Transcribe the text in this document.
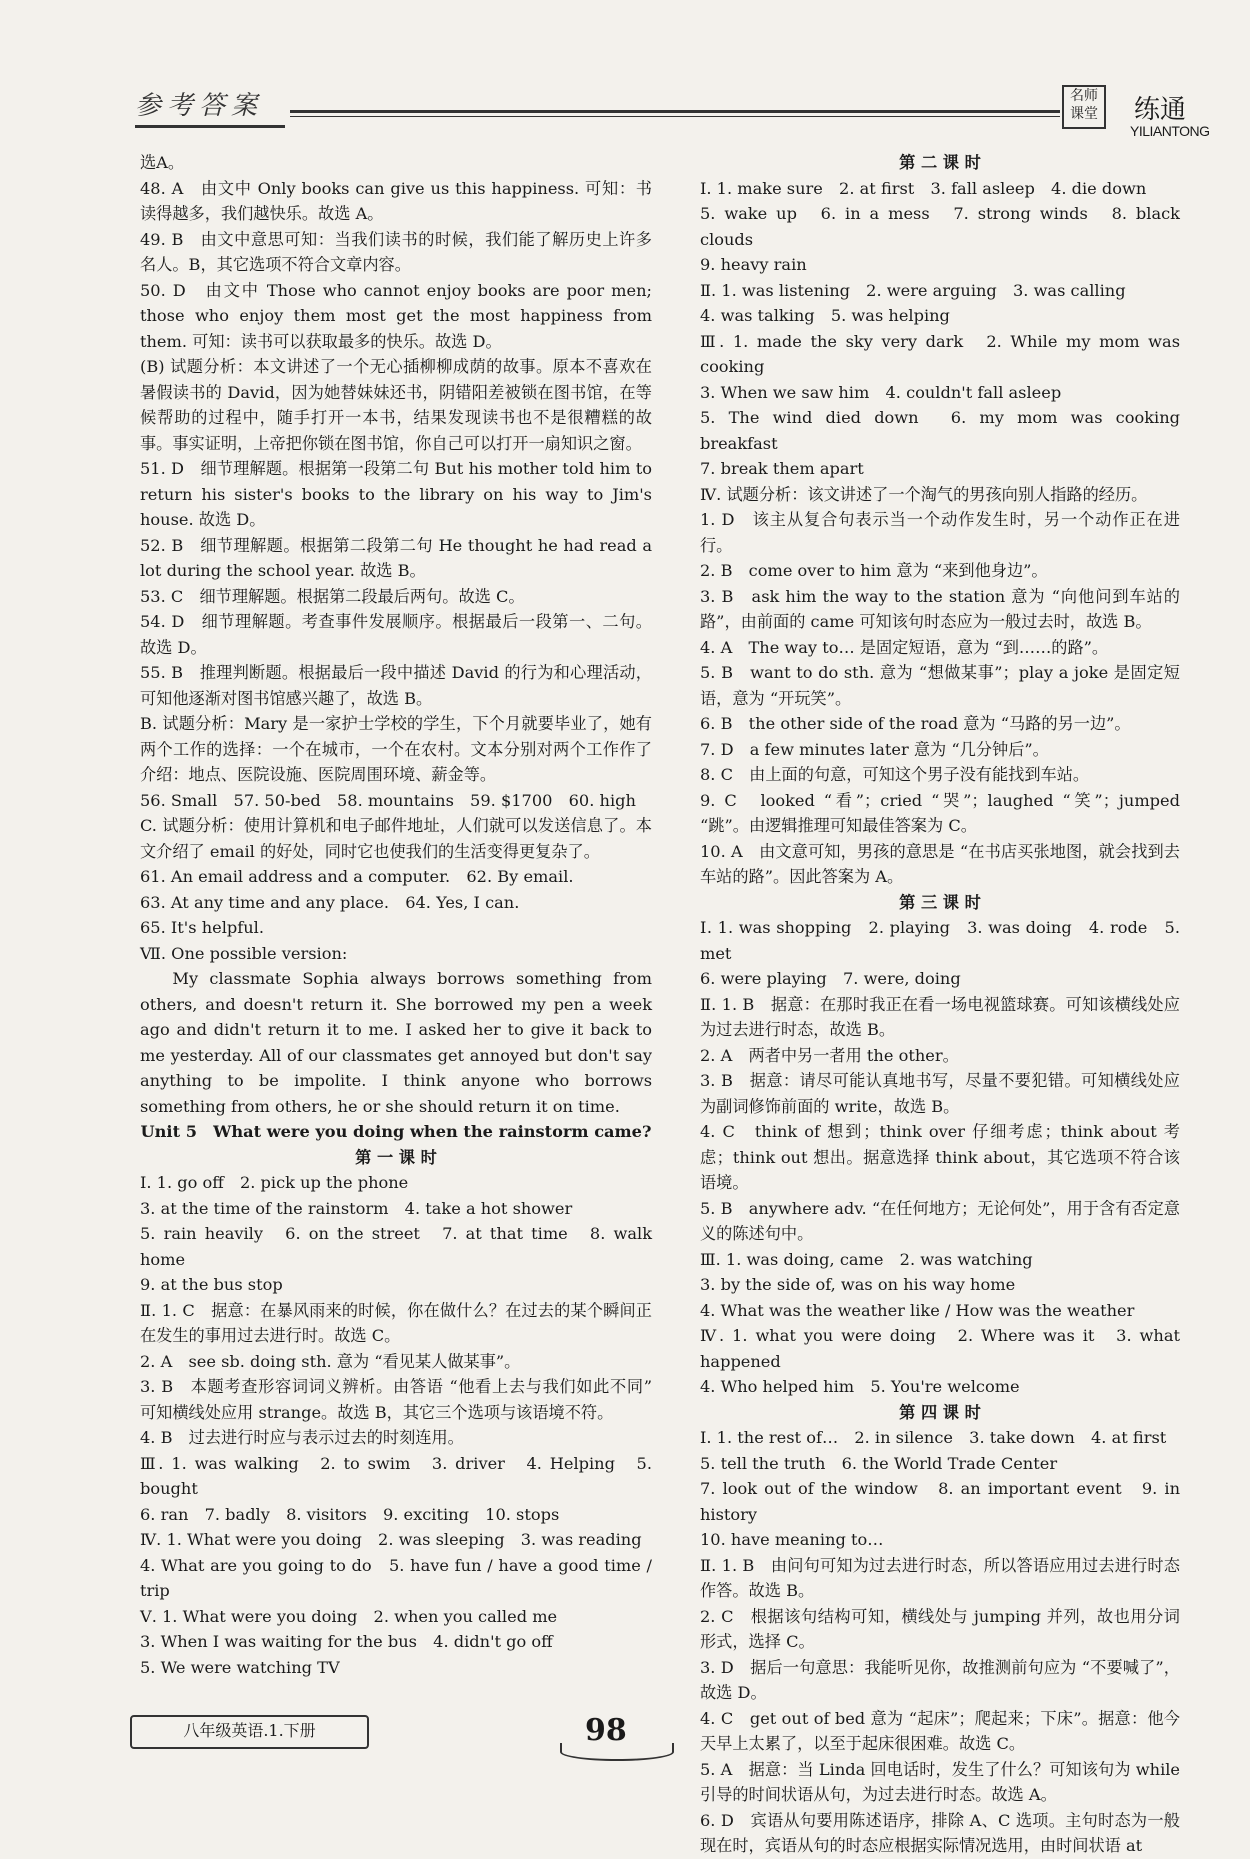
参考答案	名师课堂	练通
YILIANTONG

选A。

48. A　由文中 Only books can give us this happiness. 可知：书读得越多，我们越快乐。故选 A。

49. B　由文中意思可知：当我们读书的时候，我们能了解历史上许多名人。B，其它选项不符合文章内容。

50. D　由文中 Those who cannot enjoy books are poor men; those who enjoy them most get the most happiness from them. 可知：读书可以获取最多的快乐。故选 D。

(B) 试题分析：本文讲述了一个无心插柳柳成荫的故事。原本不喜欢在暑假读书的 David，因为她替妹妹还书，阴错阳差被锁在图书馆，在等候帮助的过程中，随手打开一本书，结果发现读书也不是很糟糕的故事。事实证明，上帝把你锁在图书馆，你自己可以打开一扇知识之窗。

51. D　细节理解题。根据第一段第二句 But his mother told him to return his sister's books to the library on his way to Jim's house. 故选 D。

52. B　细节理解题。根据第二段第二句 He thought he had read a lot during the school year. 故选 B。

53. C　细节理解题。根据第二段最后两句。故选 C。

54. D　细节理解题。考查事件发展顺序。根据最后一段第一、二句。故选 D。

55. B　推理判断题。根据最后一段中描述 David 的行为和心理活动，可知他逐渐对图书馆感兴趣了，故选 B。

B. 试题分析：Mary 是一家护士学校的学生，下个月就要毕业了，她有两个工作的选择：一个在城市，一个在农村。文本分别对两个工作作了介绍：地点、医院设施、医院周围环境、薪金等。

56. Small　57. 50-bed　58. mountains　59. $1700　60. high

C. 试题分析：使用计算机和电子邮件地址，人们就可以发送信息了。本文介绍了 email 的好处，同时它也使我们的生活变得更复杂了。

61. An email address and a computer.　62. By email.

63. At any time and any place.　64. Yes, I can.

65. It's helpful.

Ⅶ. One possible version:

My classmate Sophia always borrows something from others, and doesn't return it. She borrowed my pen a week ago and didn't return it to me. I asked her to give it back to me yesterday. All of our classmates get annoyed but don't say anything to be impolite. I think anyone who borrows something from others, he or she should return it on time.

Unit 5　What were you doing when the rainstorm came?

第 一 课 时

Ⅰ. 1. go off　2. pick up the phone

3. at the time of the rainstorm　4. take a hot shower

5. rain heavily　6. on the street　7. at that time　8. walk home

9. at the bus stop

Ⅱ. 1. C　据意：在暴风雨来的时候，你在做什么？在过去的某个瞬间正在发生的事用过去进行时。故选 C。

2. A　see sb. doing sth. 意为 “看见某人做某事”。

3. B　本题考查形容词词义辨析。由答语 “他看上去与我们如此不同” 可知横线处应用 strange。故选 B，其它三个选项与该语境不符。

4. B　过去进行时应与表示过去的时刻连用。

Ⅲ. 1. was walking　2. to swim　3. driver　4. Helping　5. bought

6. ran　7. badly　8. visitors　9. exciting　10. stops

Ⅳ. 1. What were you doing　2. was sleeping　3. was reading

4. What are you going to do　5. have fun / have a good time / trip

Ⅴ. 1. What were you doing　2. when you called me

3. When I was waiting for the bus　4. didn't go off

5. We were watching TV

第 二 课 时

Ⅰ. 1. make sure　2. at first　3. fall asleep　4. die down

5. wake up　6. in a mess　7. strong winds　8. black clouds

9. heavy rain

Ⅱ. 1. was listening　2. were arguing　3. was calling

4. was talking　5. was helping

Ⅲ. 1. made the sky very dark　2. While my mom was cooking

3. When we saw him　4. couldn't fall asleep

5. The wind died down　6. my mom was cooking breakfast

7. break them apart

Ⅳ. 试题分析：该文讲述了一个淘气的男孩向别人指路的经历。

1. D　该主从复合句表示当一个动作发生时，另一个动作正在进行。

2. B　come over to him 意为 “来到他身边”。

3. B　ask him the way to the station 意为 “向他问到车站的路”，由前面的 came 可知该句时态应为一般过去时，故选 B。

4. A　The way to… 是固定短语，意为 “到……的路”。

5. B　want to do sth. 意为 “想做某事”；play a joke 是固定短语，意为 “开玩笑”。

6. B　the other side of the road 意为 “马路的另一边”。

7. D　a few minutes later 意为 “几分钟后”。

8. C　由上面的句意，可知这个男子没有能找到车站。

9. C　looked “看”；cried “哭”；laughed “笑”；jumped “跳”。由逻辑推理可知最佳答案为 C。

10. A　由文意可知，男孩的意思是 “在书店买张地图，就会找到去车站的路”。因此答案为 A。

第 三 课 时

Ⅰ. 1. was shopping　2. playing　3. was doing　4. rode　5. met

6. were playing　7. were, doing

Ⅱ. 1. B　据意：在那时我正在看一场电视篮球赛。可知该横线处应为过去进行时态，故选 B。

2. A　两者中另一者用 the other。

3. B　据意：请尽可能认真地书写，尽量不要犯错。可知横线处应为副词修饰前面的 write，故选 B。

4. C　think of 想到；think over 仔细考虑；think about 考虑；think out 想出。据意选择 think about，其它选项不符合该语境。

5. B　anywhere adv. “在任何地方；无论何处”，用于含有否定意义的陈述句中。

Ⅲ. 1. was doing, came　2. was watching

3. by the side of, was on his way home

4. What was the weather like / How was the weather

Ⅳ. 1. what you were doing　2. Where was it　3. what happened

4. Who helped him　5. You're welcome

第 四 课 时

Ⅰ. 1. the rest of…　2. in silence　3. take down　4. at first

5. tell the truth　6. the World Trade Center

7. look out of the window　8. an important event　9. in history

10. have meaning to…

Ⅱ. 1. B　由问句可知为过去进行时态，所以答语应用过去进行时态作答。故选 B。

2. C　根据该句结构可知，横线处与 jumping 并列，故也用分词形式，选择 C。

3. D　据后一句意思：我能听见你，故推测前句应为 “不要喊了”，故选 D。

4. C　get out of bed 意为 “起床”；爬起来；下床”。据意：他今天早上太累了，以至于起床很困难。故选 C。

5. A　据意：当 Linda 回电话时，发生了什么？可知该句为 while 引导的时间状语从句，为过去进行时态。故选 A。

6. D　宾语从句要用陈述语序，排除 A、C 选项。主句时态为一般现在时，宾语从句的时态应根据实际情况选用，由时间状语 at

八年级英语.1.下册	98
